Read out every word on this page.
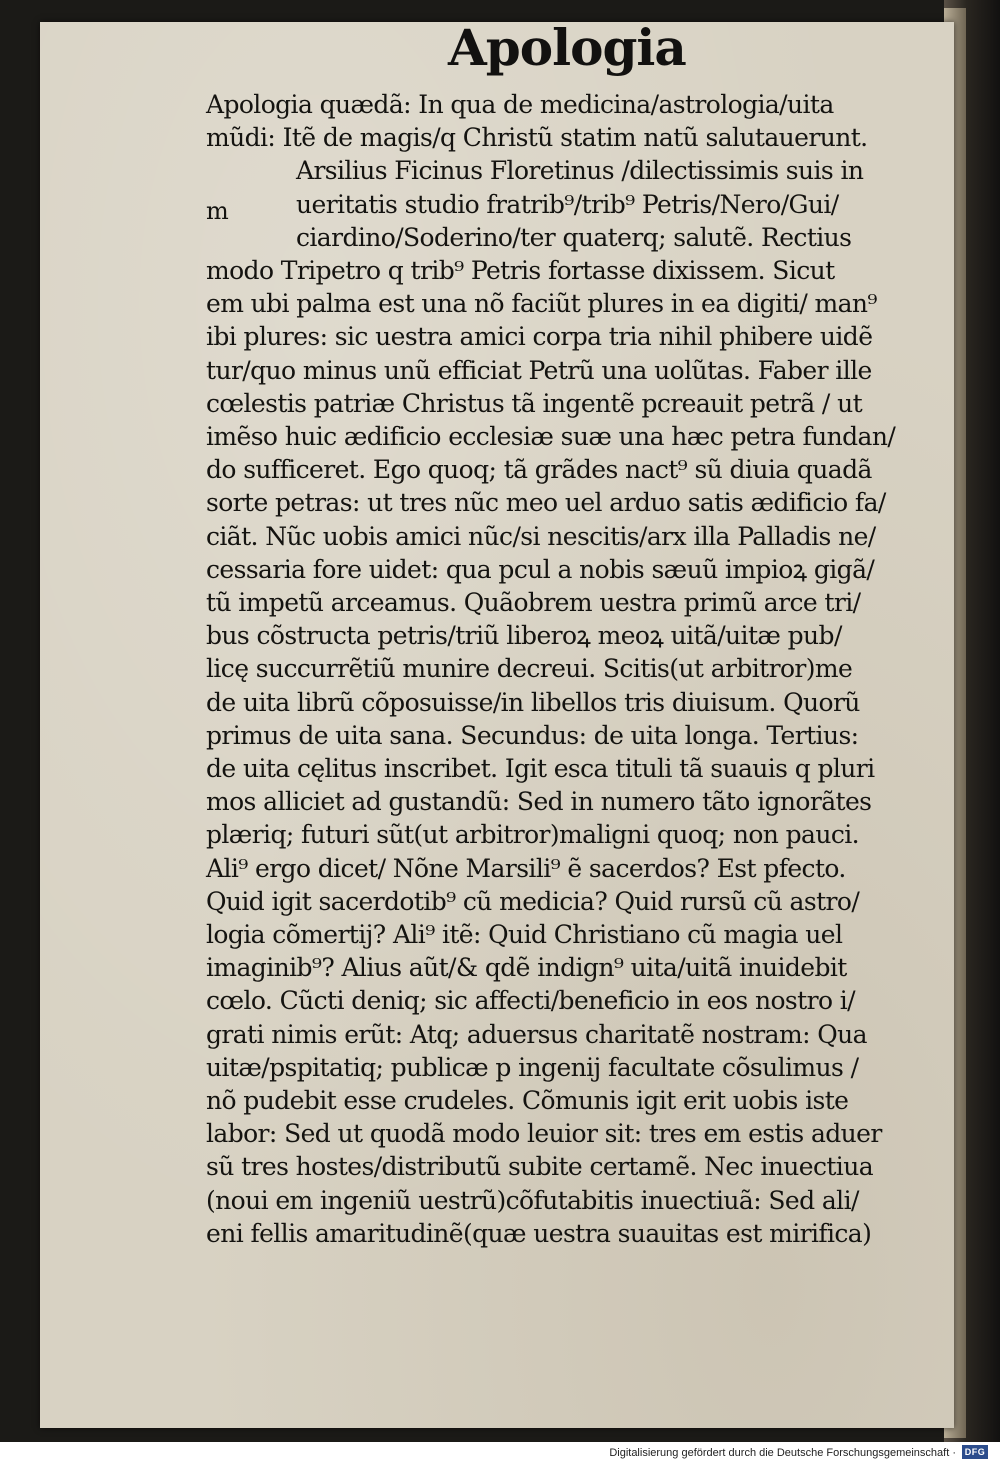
Apologia
m
Apologia quædã: In qua de medicina/astrologia/uita
mũdi: Itẽ de magis/q Christũ statim natũ salutauerunt.
Arsilius Ficinus Floretinus /dilectissimis suis in
ueritatis studio fratrib⁹/trib⁹ Petris/Nero/Gui/
ciardino/Soderino/ter quaterq; salutẽ. Rectius
modo Tripetro q trib⁹ Petris fortasse dixissem. Sicut
em ubi palma est una nõ faciũt plures in ea digiti/ man⁹
ibi plures: sic uestra amici corpa tria nihil phibere uidẽ
tur/quo minus unũ efficiat Petrũ una uolũtas. Faber ille
cœlestis patriæ Christus tã ingentẽ pcreauit petrã / ut
imẽso huic ædificio ecclesiæ suæ una hæc petra fundan/
do sufficeret. Ego quoq; tã grãdes nact⁹ sũ diuia quadã
sorte petras: ut tres nũc meo uel arduo satis ædificio fa/
ciãt. Nũc uobis amici nũc/si nescitis/arx illa Palladis ne/
cessaria fore uidet: qua pcul a nobis sæuũ impioꝝ gigã/
tũ impetũ arceamus. Quãobrem uestra primũ arce tri/
bus cõstructa petris/triũ liberoꝝ meoꝝ uitã/uitæ pub/
licę succurrẽtiũ munire decreui. Scitis(ut arbitror)me
de uita librũ cõposuisse/in libellos tris diuisum. Quorũ
primus de uita sana. Secundus: de uita longa. Tertius:
de uita cęlitus inscribet. Igit esca tituli tã suauis q pluri
mos alliciet ad gustandũ: Sed in numero tãto ignorãtes
plæriq; futuri sũt(ut arbitror)maligni quoq; non pauci.
Ali⁹ ergo dicet/ Nõne Marsili⁹ ẽ sacerdos? Est pfecto.
Quid igit sacerdotib⁹ cũ medicia? Quid rursũ cũ astro/
logia cõmertij? Ali⁹ itẽ: Quid Christiano cũ magia uel
imaginib⁹? Alius aũt/& qdẽ indign⁹ uita/uitã inuidebit
cœlo. Cũcti deniq; sic affecti/beneficio in eos nostro i/
grati nimis erũt: Atq; aduersus charitatẽ nostram: Qua
uitæ/pspitatiq; publicæ p ingenij facultate cõsulimus /
nõ pudebit esse crudeles. Cõmunis igit erit uobis iste
labor: Sed ut quodã modo leuior sit: tres em estis aduer
sũ tres hostes/distributũ subite certamẽ. Nec inuectiua
(noui em ingeniũ uestrũ)cõfutabitis inuectiuã: Sed ali/
eni fellis amaritudinẽ(quæ uestra suauitas est mirifica)
Digitalisierung gefördert durch die Deutsche Forschungsgemeinschaft · DFG
